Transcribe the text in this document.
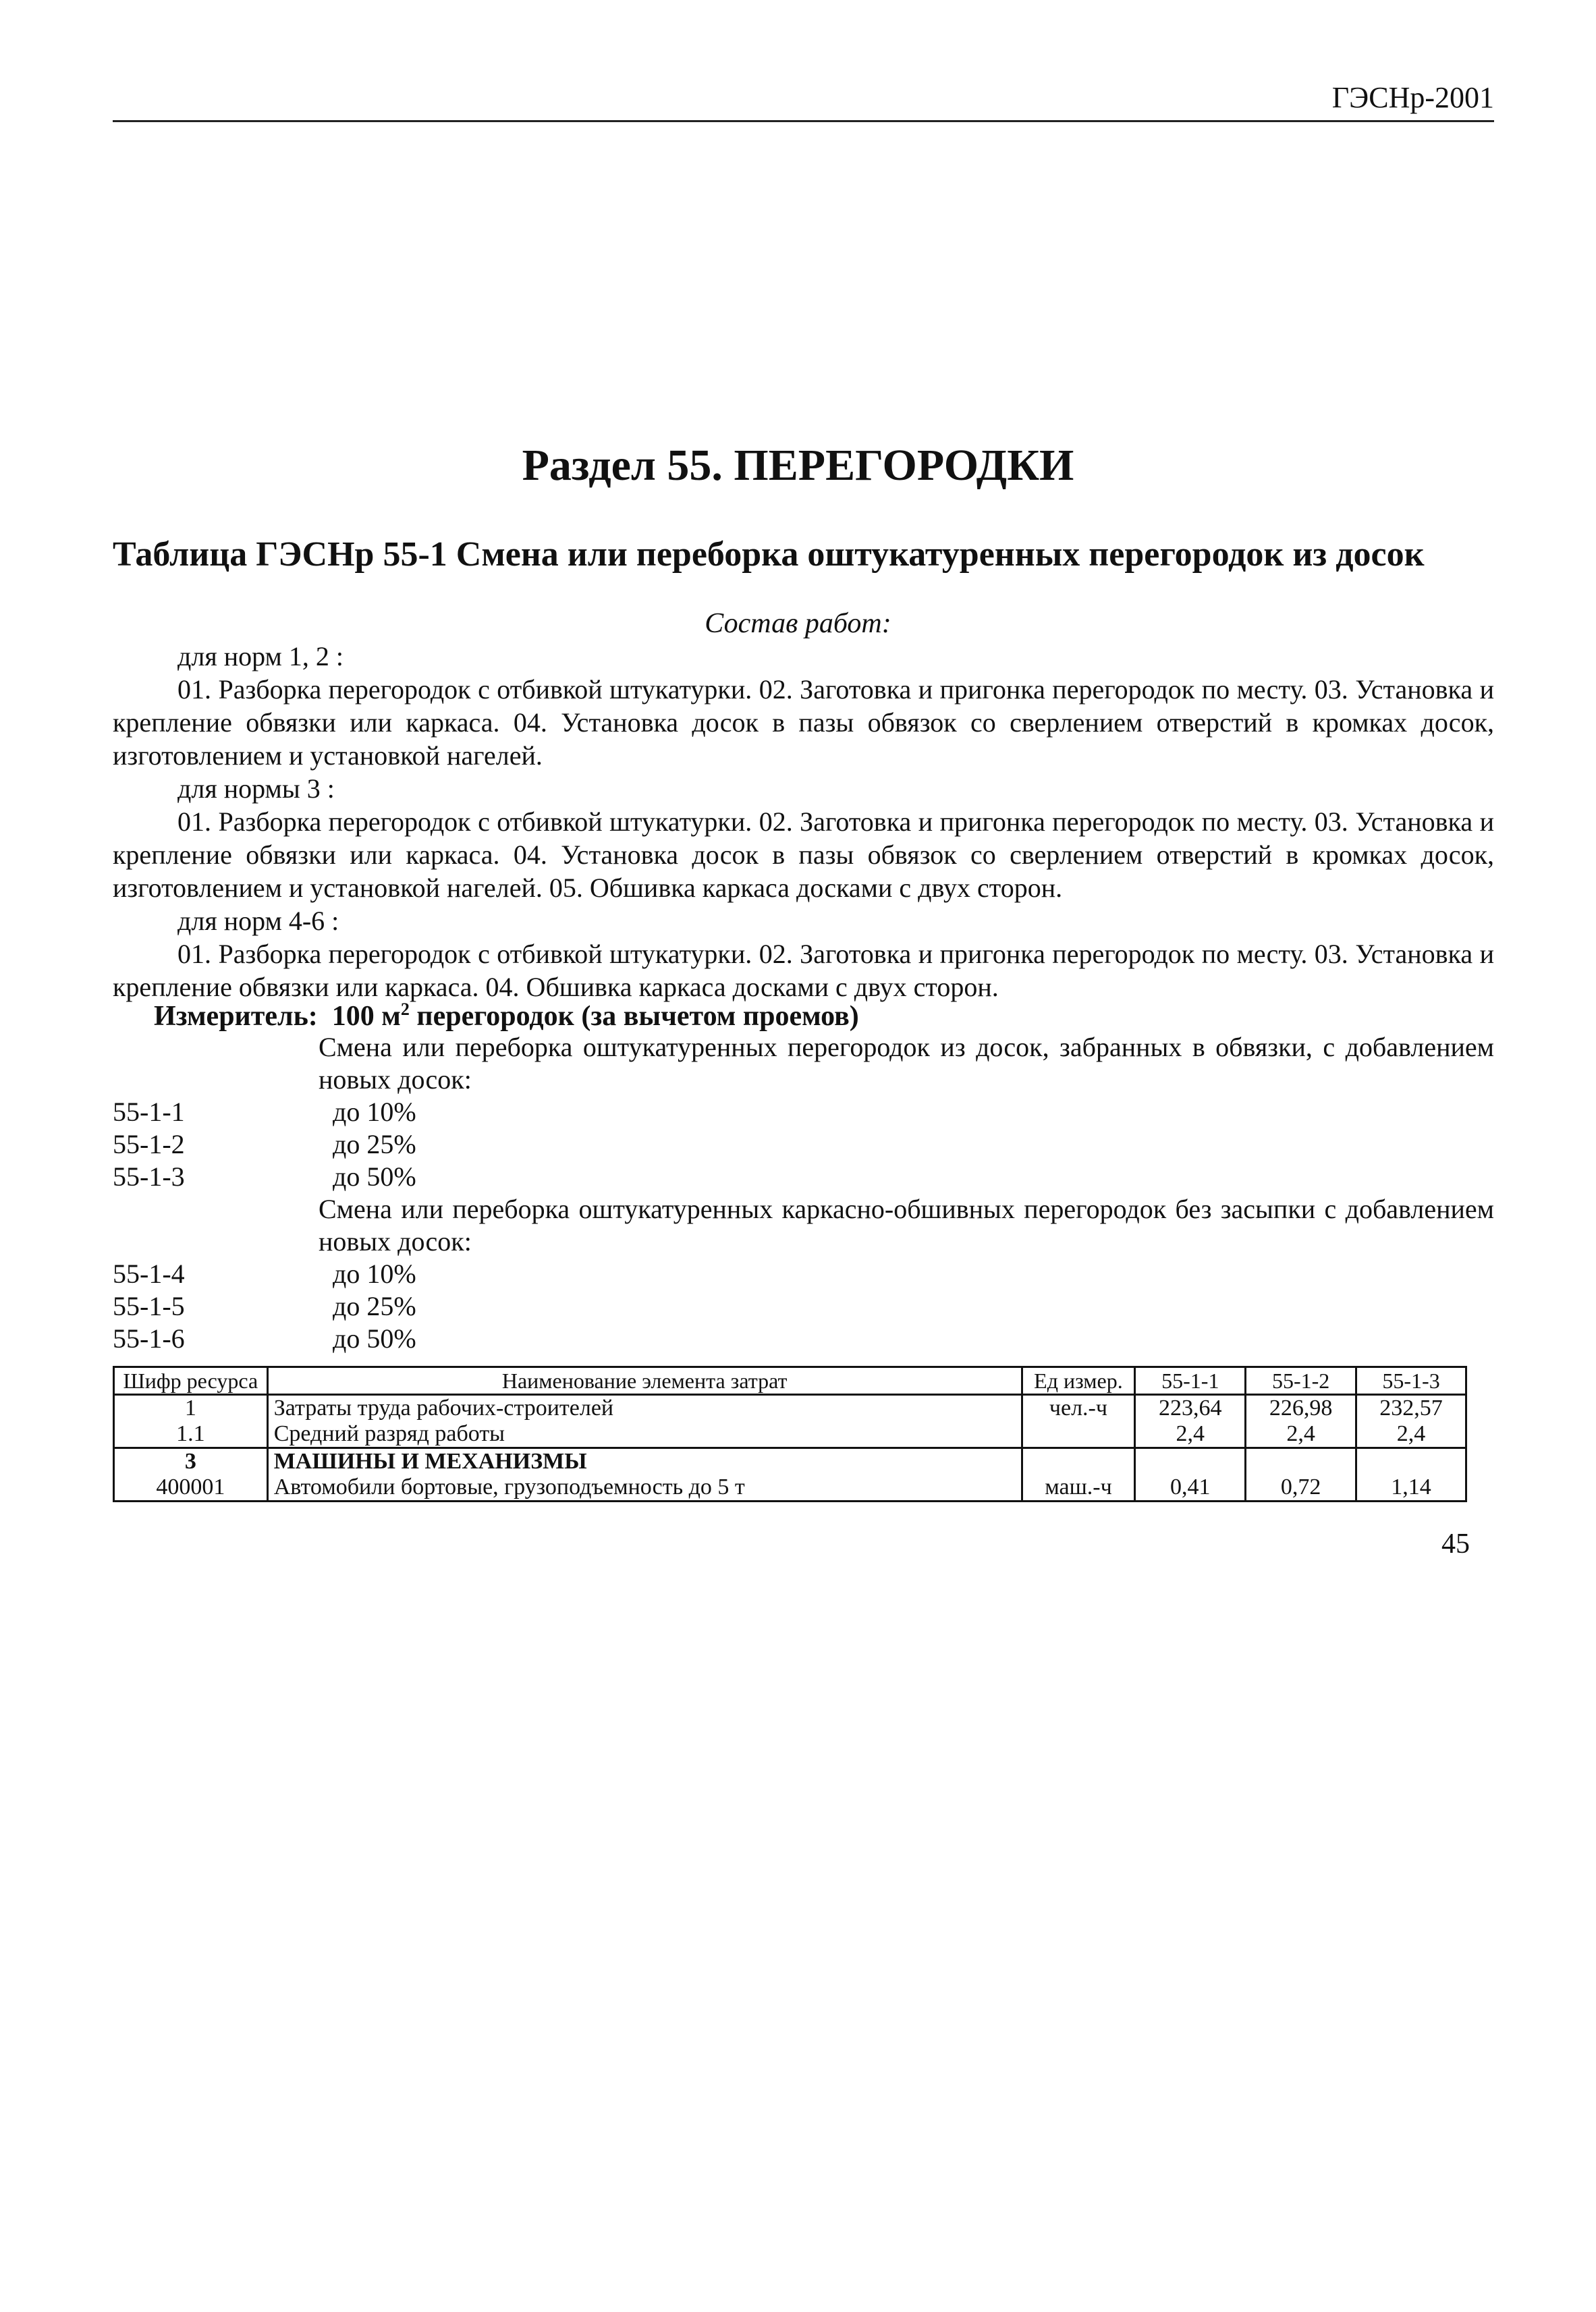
ГЭСНр-2001
Раздел 55. ПЕРЕГОРОДКИ
Таблица ГЭСНр 55-1 Смена или переборка оштукатуренных перегородок из досок
Состав работ:
для норм 1, 2 :
01. Разборка перегородок с отбивкой штукатурки. 02. Заготовка и пригонка перегородок по месту. 03. Установка и крепление обвязки или каркаса. 04. Установка досок в пазы обвязок со сверлением отверстий в кромках досок, изготовлением и установкой нагелей.
для нормы 3 :
01. Разборка перегородок с отбивкой штукатурки. 02. Заготовка и пригонка перегородок по месту. 03. Установка и крепление обвязки или каркаса. 04. Установка досок в пазы обвязок со сверлением отверстий в кромках досок, изготовлением и установкой нагелей. 05. Обшивка каркаса досками с двух сторон.
для норм 4-6 :
01. Разборка перегородок с отбивкой штукатурки. 02. Заготовка и пригонка перегородок по месту. 03. Установка и крепление обвязки или каркаса. 04. Обшивка каркаса досками с двух сторон.
Измеритель: 100 $м^2$ перегородок (за вычетом проемов)
Смена или переборка оштукатуренных перегородок из досок, забранных в обвязки, с добавлением новых досок:
55-1-1	до 10%
55-1-2	до 25%
55-1-3	до 50%
Смена или переборка оштукатуренных каркасно-обшивных перегородок без засыпки с добавлением новых досок:
55-1-4	до 10%
55-1-5	до 25%
55-1-6	до 50%
Шифр ресурса	Наименование элемента затрат	Ед измер.	55-1-1	55-1-2	55-1-3
1	Затраты труда рабочих-строителей	чел.-ч	223,64	226,98	232,57
1.1	Средний разряд работы		2,4	2,4	2,4
3	МАШИНЫ И МЕХАНИЗМЫ				
400001	Автомобили бортовые, грузоподъемность до 5 т	маш.-ч	0,41	0,72	1,14
45
